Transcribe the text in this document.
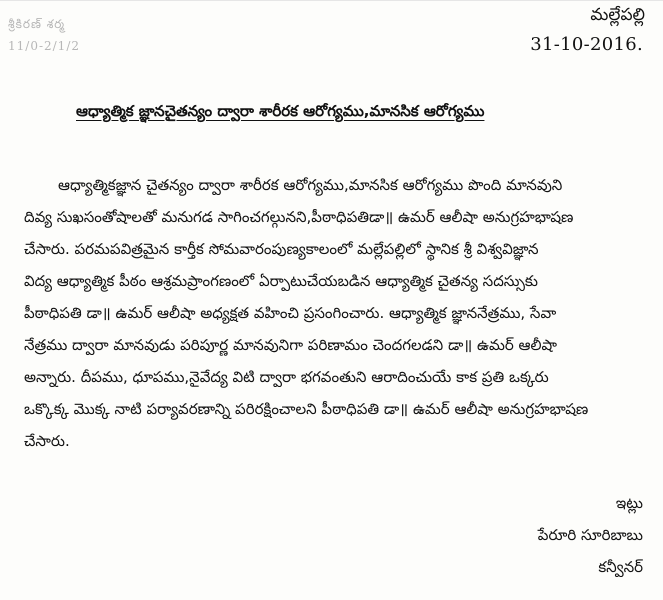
శ్రీకిరణ్ శర్మ
11/0-2/1/2
మల్లేపల్లి
31-10-2016.
ఆధ్యాత్మిక జ్ఞానచైతన్యం ద్వారా శారీరక ఆరోగ్యము,మానసిక ఆరోగ్యము
ఆధ్యాత్మికజ్ఞాన చైతన్యం ద్వారా శారీరక ఆరోగ్యము,మానసిక ఆరోగ్యము పొంది మానవుని
దివ్య సుఖసంతోషాలతో మనుగడ సాగించగల్గునని,పీఠాధిపతిడా॥ ఉమర్ ఆలీషా అనుగ్రహభాషణ
చేసారు. పరమపవిత్రమైన కార్తీక సోమవారంపుణ్యకాలంలో మల్లేపల్లిలో స్థానిక శ్రీ విశ్వవిజ్ఞాన
విద్య ఆధ్యాత్మిక పీఠం ఆశ్రమప్రాంగణంలో ఏర్పాటుచేయబడిన ఆధ్యాత్మిక చైతన్య సదస్సుకు
పీఠాధిపతి డా॥ ఉమర్ ఆలీషా అధ్యక్షత వహించి ప్రసంగించారు. ఆధ్యాత్మిక జ్ఞాననేత్రము, సేవా
నేత్రము ద్వారా మానవుడు పరిపూర్ణ మానవునిగా పరిణామం చెందగలడని డా॥ ఉమర్ ఆలీషా
అన్నారు. దీపము, ధూపము,నైవేద్య విటి ద్వారా భగవంతుని ఆరాదించుయే కాక ప్రతి ఒక్కరు
ఒక్కొక్క మొక్క నాటి పర్యావరణాన్ని పరిరక్షించాలని పీఠాధిపతి డా॥ ఉమర్ ఆలీషా అనుగ్రహభాషణ
చేసారు.
ఇట్లు
పేరూరి సూరిబాబు
కన్వీనర్
